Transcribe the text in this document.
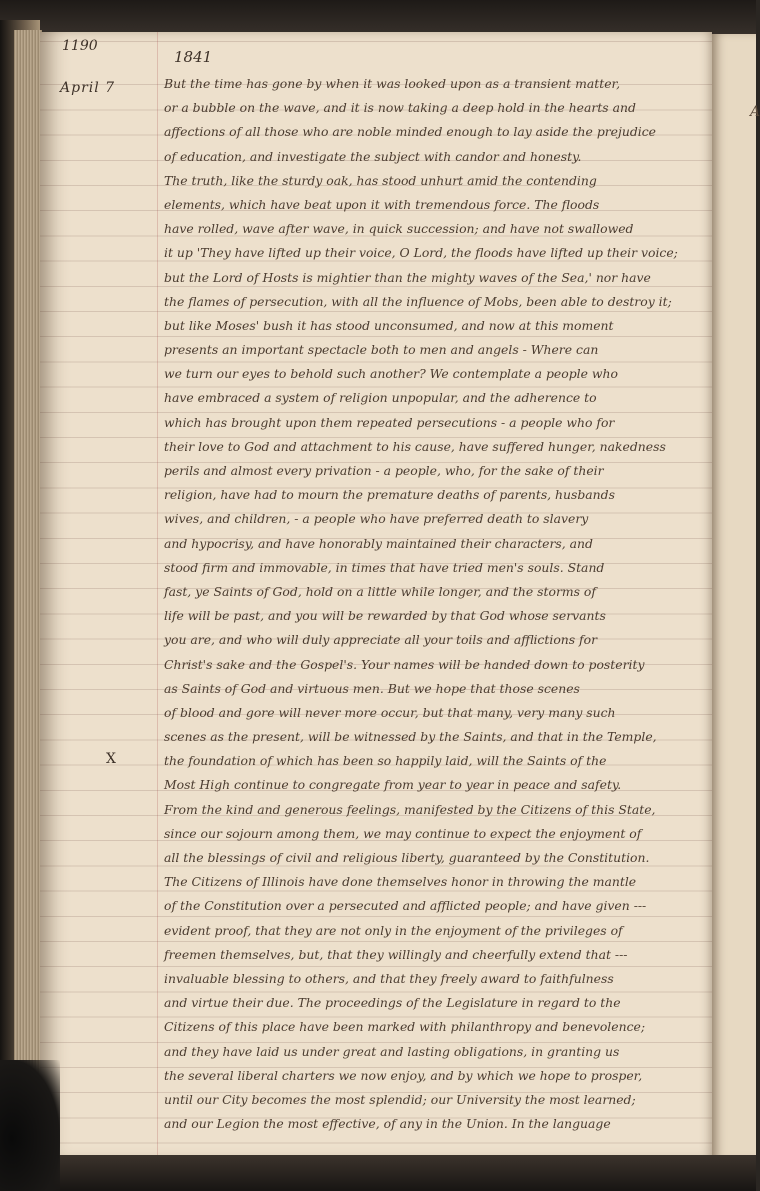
A
1190
1841
April 7
X
But the time has gone by when it was looked upon as a transient matter,
or a bubble on the wave, and it is now taking a deep hold in the hearts and
affections of all those who are noble minded enough to lay aside the prejudice
of education, and investigate the subject with candor and honesty.
The truth, like the sturdy oak, has stood unhurt amid the contending
elements, which have beat upon it with tremendous force. The floods
have rolled, wave after wave, in quick succession; and have not swallowed
it up 'They have lifted up their voice, O Lord, the floods have lifted up their voice;
but the Lord of Hosts is mightier than the mighty waves of the Sea,' nor have
the flames of persecution, with all the influence of Mobs, been able to destroy it;
but like Moses' bush it has stood unconsumed, and now at this moment
presents an important spectacle both to men and angels - Where can
we turn our eyes to behold such another? We contemplate a people who
have embraced a system of religion unpopular, and the adherence to
which has brought upon them repeated persecutions - a people who for
their love to God and attachment to his cause, have suffered hunger, nakedness
perils and almost every privation - a people, who, for the sake of their
religion, have had to mourn the premature deaths of parents, husbands
wives, and children, - a people who have preferred death to slavery
and hypocrisy, and have honorably maintained their characters, and
stood firm and immovable, in times that have tried men's souls. Stand
fast, ye Saints of God, hold on a little while longer, and the storms of
life will be past, and you will be rewarded by that God whose servants
you are, and who will duly appreciate all your toils and afflictions for
Christ's sake and the Gospel's. Your names will be handed down to posterity
as Saints of God and virtuous men. But we hope that those scenes
of blood and gore will never more occur, but that many, very many such
scenes as the present, will be witnessed by the Saints, and that in the Temple,
the foundation of which has been so happily laid, will the Saints of the
Most High continue to congregate from year to year in peace and safety.
From the kind and generous feelings, manifested by the Citizens of this State,
since our sojourn among them, we may continue to expect the enjoyment of
all the blessings of civil and religious liberty, guaranteed by the Constitution.
The Citizens of Illinois have done themselves honor in throwing the mantle
of the Constitution over a persecuted and afflicted people; and have given ---
evident proof, that they are not only in the enjoyment of the privileges of
freemen themselves, but, that they willingly and cheerfully extend that ---
invaluable blessing to others, and that they freely award to faithfulness
and virtue their due. The proceedings of the Legislature in regard to the
Citizens of this place have been marked with philanthropy and benevolence;
and they have laid us under great and lasting obligations, in granting us
the several liberal charters we now enjoy, and by which we hope to prosper,
until our City becomes the most splendid; our University the most learned;
and our Legion the most effective, of any in the Union. In the language
